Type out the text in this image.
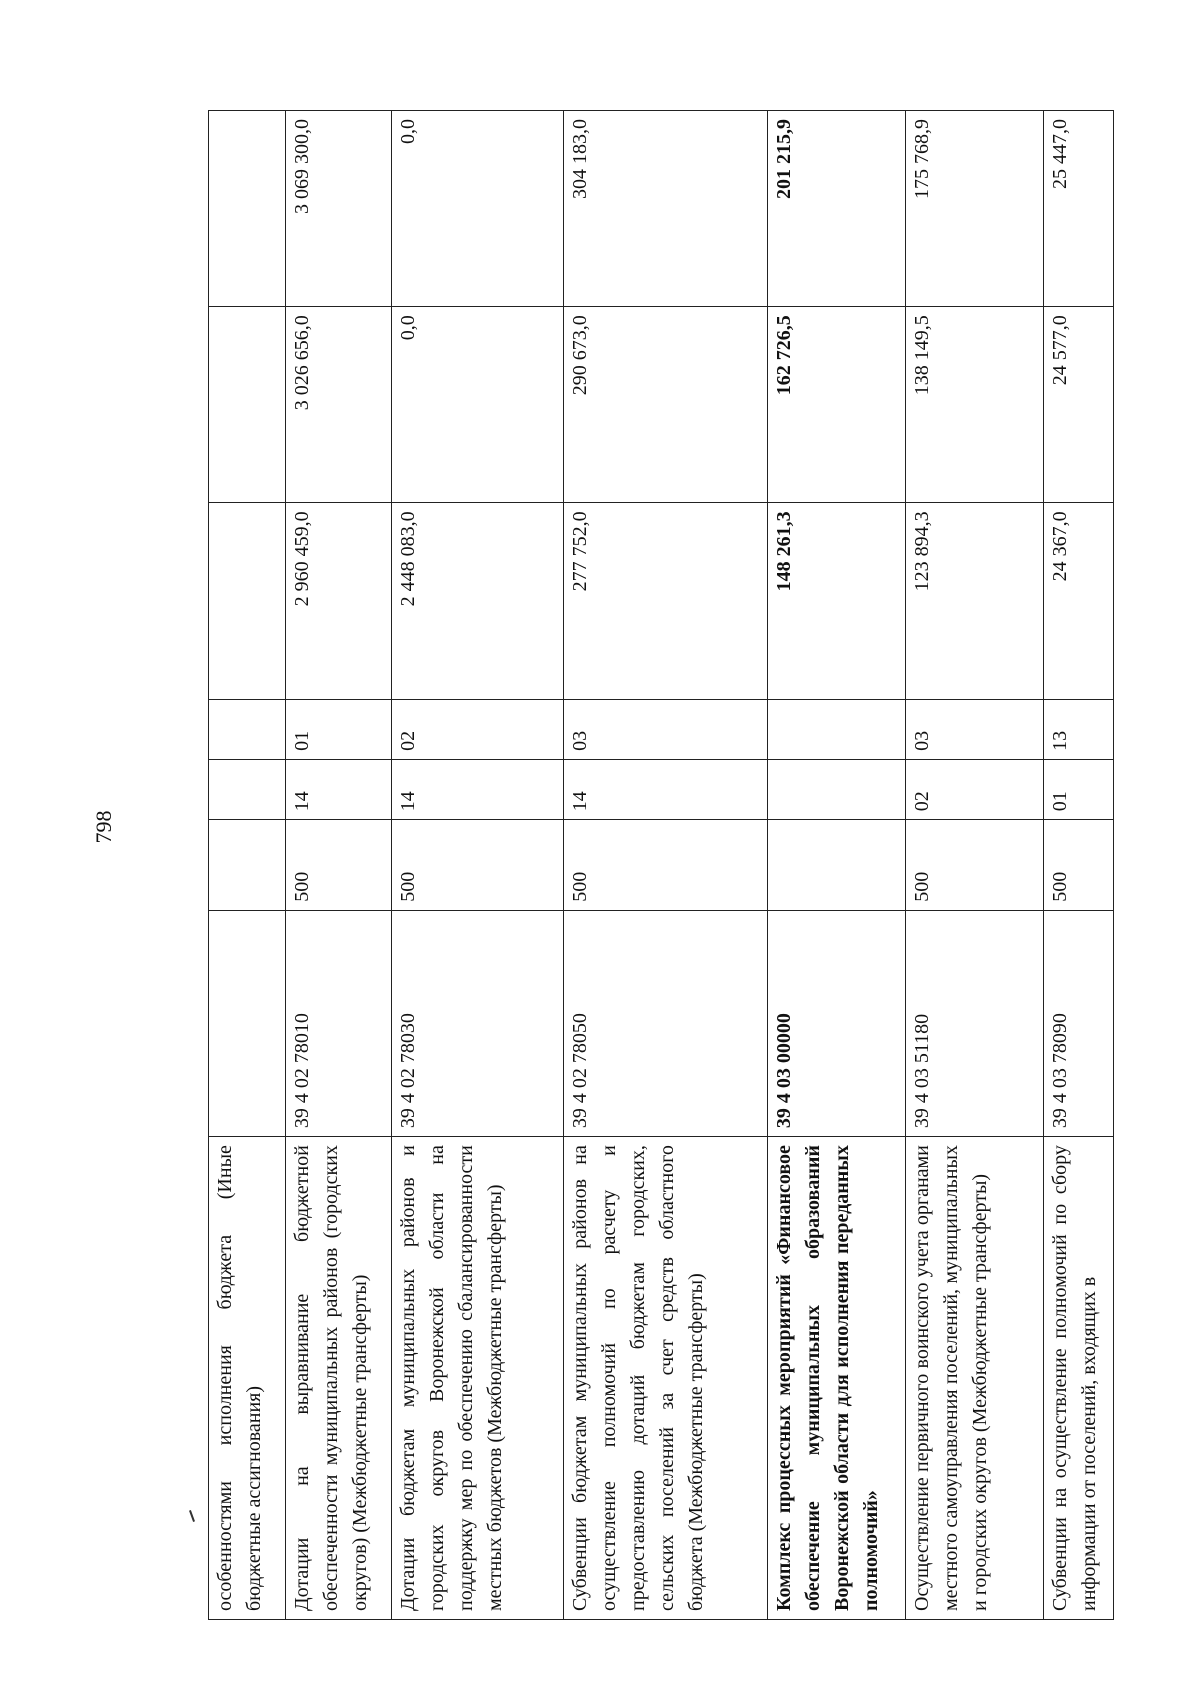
798
особенностями исполнения бюджета (Иные бюджетные ассигнования)							
Дотации на выравнивание бюджетной обеспеченности муниципальных районов (городских округов) (Межбюджетные трансферты)	39 4 02 78010	500	14	01	2 960 459,0	3 026 656,0	3 069 300,0
Дотации бюджетам муниципальных районов и городских округов Воронежской области на поддержку мер по обеспечению сбалансированности местных бюджетов (Межбюджетные трансферты)	39 4 02 78030	500	14	02	2 448 083,0	0,0	0,0
Субвенции бюджетам муниципальных районов на осуществление полномочий по расчету и предоставлению дотаций бюджетам городских, сельских поселений за счет средств областного бюджета (Межбюджетные трансферты)	39 4 02 78050	500	14	03	277 752,0	290 673,0	304 183,0
Комплекс процессных мероприятий «Финансовое обеспечение муниципальных образований Воронежской области для исполнения переданных полномочий»	39 4 03 00000				148 261,3	162 726,5	201 215,9
Осуществление первичного воинского учета органами местного самоуправления поселений, муниципальных и городских округов (Межбюджетные трансферты)	39 4 03 51180	500	02	03	123 894,3	138 149,5	175 768,9
Субвенции на осуществление полномочий по сбору информации от поселений, входящих в	39 4 03 78090	500	01	13	24 367,0	24 577,0	25 447,0
